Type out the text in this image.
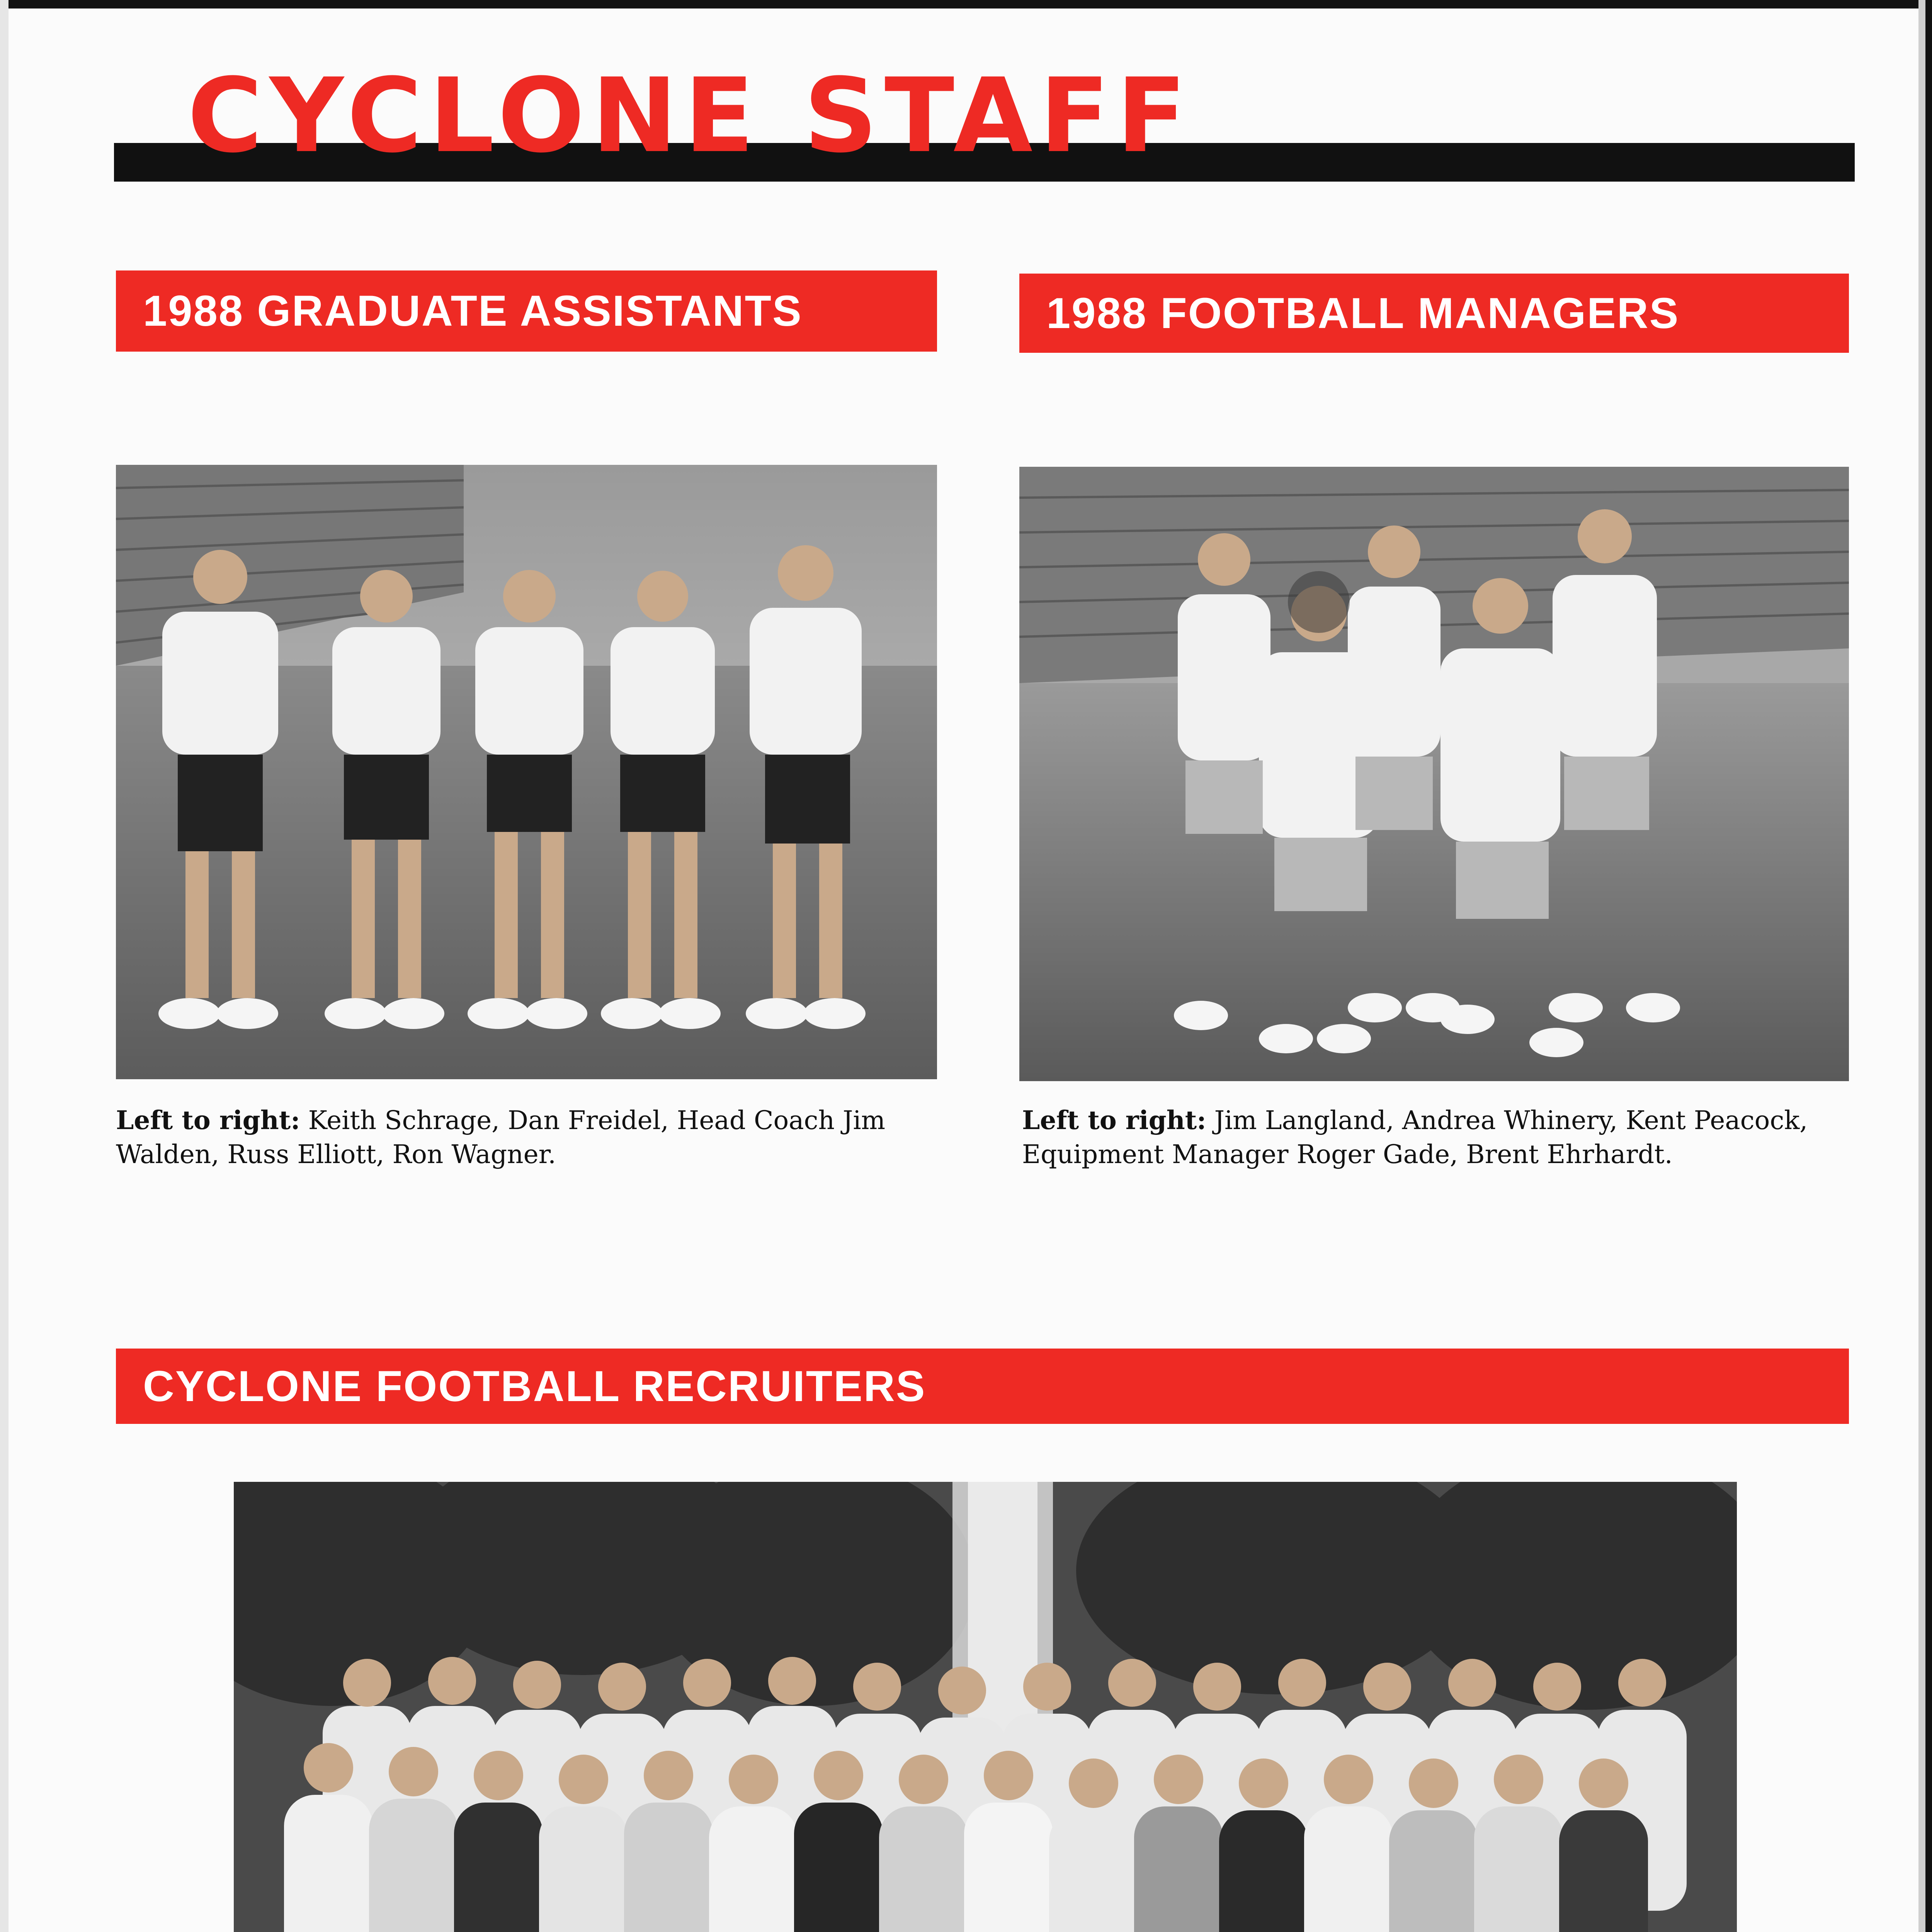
CYCLONE STAFF
1988 GRADUATE ASSISTANTS	1988 FOOTBALL MANAGERS
CYCLONE FOOTBALL RECRUITERS
Left to right: Keith Schrage, Dan Freidel, Head Coach Jim Walden, Russ Elliott, Ron Wagner.
Left to right: Jim Langland, Andrea Whinery, Kent Peacock, Equipment Manager Roger Gade, Brent Ehrhardt.
